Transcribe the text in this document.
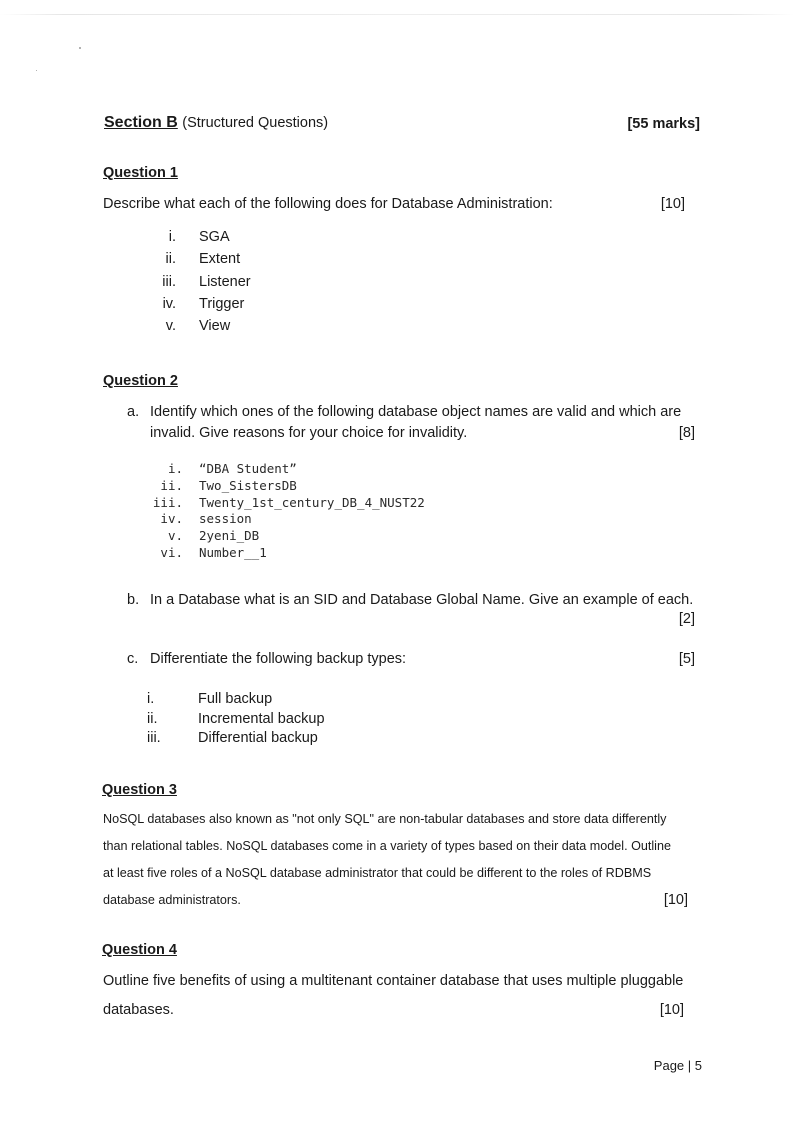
Section B (Structured Questions)	[55 marks]
Question 1
Describe what each of the following does for Database Administration:	[10]
i. SGA
ii. Extent
iii. Listener
iv. Trigger
v. View
Question 2
a. Identify which ones of the following database object names are valid and which are
invalid. Give reasons for your choice for invalidity.	[8]
i. “DBA Student”
ii. Two_SistersDB
iii. Twenty_1st_century_DB_4_NUST22
iv. session
v. 2yeni_DB
vi. Number__1
b. In a Database what is an SID and Database Global Name. Give an example of each.
[2]
c. Differentiate the following backup types:	[5]
i.	Full backup
ii.	Incremental backup
iii.	Differential backup
Question 3

NoSQL databases also known as "not only SQL" are non-tabular databases and store data differently

than relational tables. NoSQL databases come in a variety of types based on their data model. Outline

at least five roles of a NoSQL database administrator that could be different to the roles of RDBMS

database administrators.	[10]
Question 4
Outline five benefits of using a multitenant container database that uses multiple pluggable
databases.	[10]
Page | 5
